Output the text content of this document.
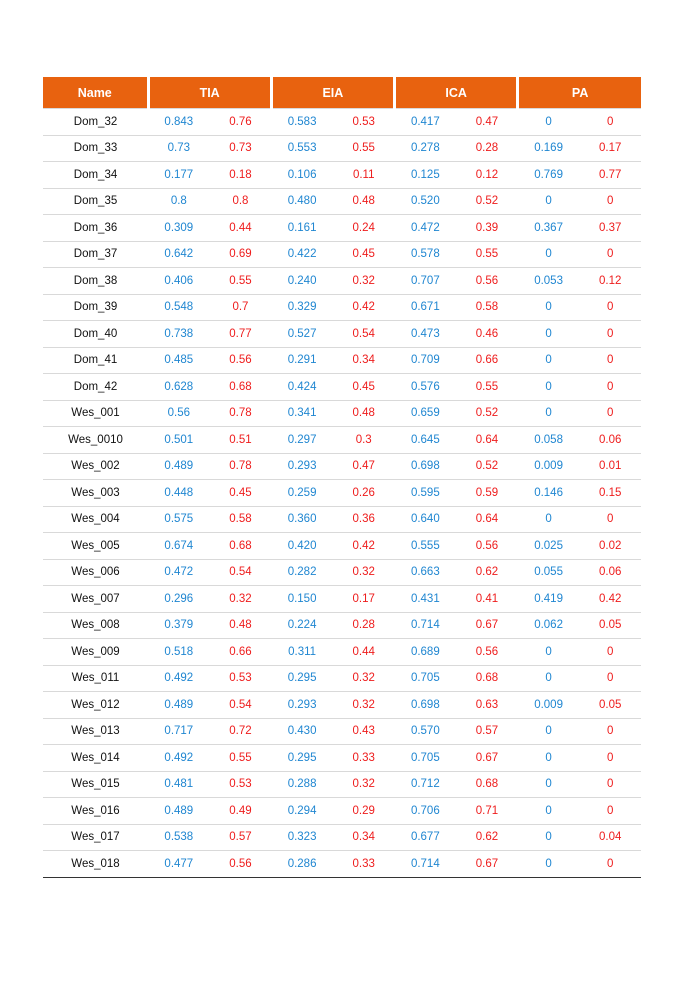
Name	TIA		EIA		ICA		PA	
Dom_32	0.843	0.76	0.583	0.53	0.417	0.47	0	0
Dom_33	0.73	0.73	0.553	0.55	0.278	0.28	0.169	0.17
Dom_34	0.177	0.18	0.106	0.11	0.125	0.12	0.769	0.77
Dom_35	0.8	0.8	0.480	0.48	0.520	0.52	0	0
Dom_36	0.309	0.44	0.161	0.24	0.472	0.39	0.367	0.37
Dom_37	0.642	0.69	0.422	0.45	0.578	0.55	0	0
Dom_38	0.406	0.55	0.240	0.32	0.707	0.56	0.053	0.12
Dom_39	0.548	0.7	0.329	0.42	0.671	0.58	0	0
Dom_40	0.738	0.77	0.527	0.54	0.473	0.46	0	0
Dom_41	0.485	0.56	0.291	0.34	0.709	0.66	0	0
Dom_42	0.628	0.68	0.424	0.45	0.576	0.55	0	0
Wes_001	0.56	0.78	0.341	0.48	0.659	0.52	0	0
Wes_0010	0.501	0.51	0.297	0.3	0.645	0.64	0.058	0.06
Wes_002	0.489	0.78	0.293	0.47	0.698	0.52	0.009	0.01
Wes_003	0.448	0.45	0.259	0.26	0.595	0.59	0.146	0.15
Wes_004	0.575	0.58	0.360	0.36	0.640	0.64	0	0
Wes_005	0.674	0.68	0.420	0.42	0.555	0.56	0.025	0.02
Wes_006	0.472	0.54	0.282	0.32	0.663	0.62	0.055	0.06
Wes_007	0.296	0.32	0.150	0.17	0.431	0.41	0.419	0.42
Wes_008	0.379	0.48	0.224	0.28	0.714	0.67	0.062	0.05
Wes_009	0.518	0.66	0.311	0.44	0.689	0.56	0	0
Wes_011	0.492	0.53	0.295	0.32	0.705	0.68	0	0
Wes_012	0.489	0.54	0.293	0.32	0.698	0.63	0.009	0.05
Wes_013	0.717	0.72	0.430	0.43	0.570	0.57	0	0
Wes_014	0.492	0.55	0.295	0.33	0.705	0.67	0	0
Wes_015	0.481	0.53	0.288	0.32	0.712	0.68	0	0
Wes_016	0.489	0.49	0.294	0.29	0.706	0.71	0	0
Wes_017	0.538	0.57	0.323	0.34	0.677	0.62	0	0.04
Wes_018	0.477	0.56	0.286	0.33	0.714	0.67	0	0
